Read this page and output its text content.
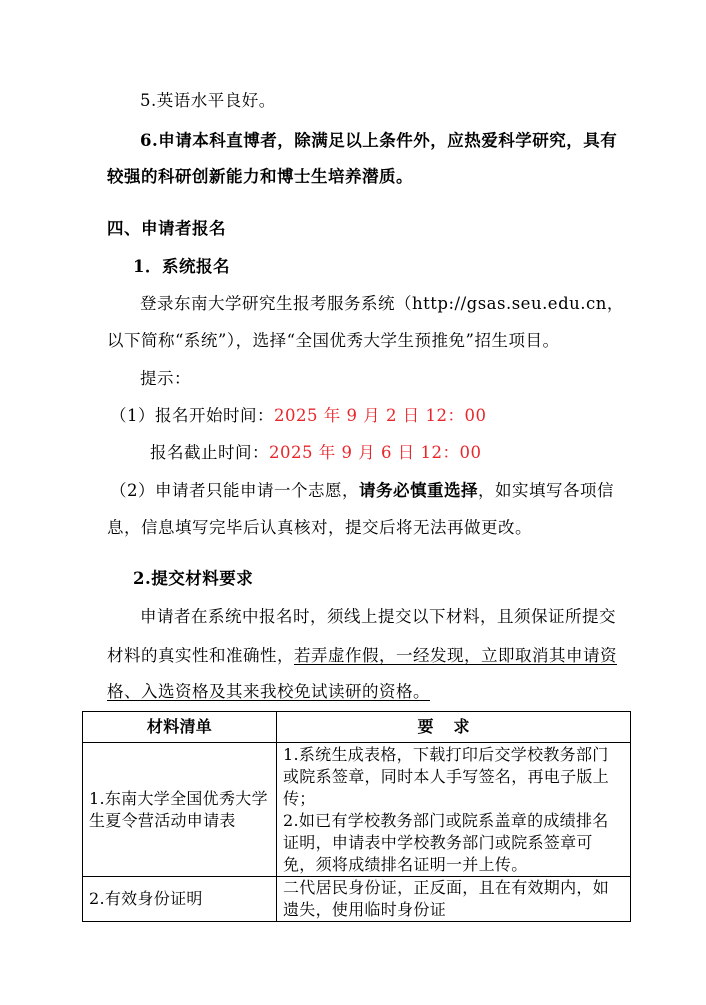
5.英语水平良好。
6.申请本科直博者，除满足以上条件外，应热爱科学研究，具有
较强的科研创新能力和博士生培养潜质。
四、申请者报名
1．系统报名
登录东南大学研究生报考服务系统（http://gsas.seu.edu.cn，
以下简称“系统”），选择“全国优秀大学生预推免”招生项目。
提示：
（1）报名开始时间：2025 年 9 月 2 日 12：00
报名截止时间：2025 年 9 月 6 日 12：00
（2）申请者只能申请一个志愿，请务必慎重选择，如实填写各项信
息，信息填写完毕后认真核对，提交后将无法再做更改。
2.提交材料要求
申请者在系统中报名时，须线上提交以下材料，且须保证所提交
材料的真实性和准确性，若弄虚作假，一经发现，立即取消其申请资
格、入选资格及其来我校免试读研的资格。
材料清单	要求
1.东南大学全国优秀大学生夏令营活动申请表	1.系统生成表格，下载打印后交学校教务部门或院系签章，同时本人手写签名，再电子版上传；
2.如已有学校教务部门或院系盖章的成绩排名证明，申请表中学校教务部门或院系签章可免，须将成绩排名证明一并上传。

2.有效身份证明	二代居民身份证，正反面，且在有效期内，如遗失，使用临时身份证
